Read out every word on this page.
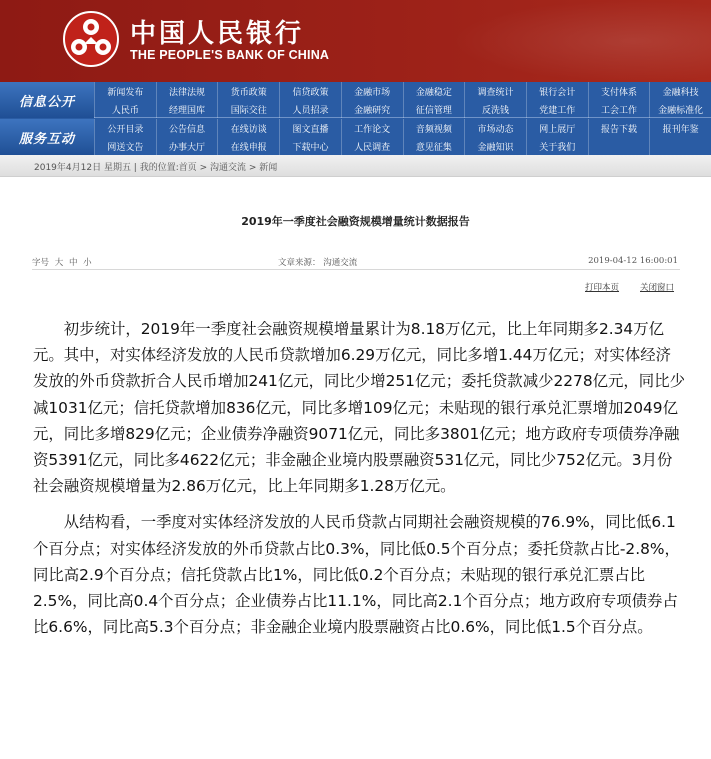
中国人民银行
THE PEOPLE'S BANK OF CHINA
信息公开
新闻发布	法律法规	货币政策	信贷政策	金融市场	金融稳定	调查统计	银行会计	支付体系	金融科技
人民币	经理国库	国际交往	人员招录	金融研究	征信管理	反洗钱	党建工作	工会工作	金融标准化
服务互动
公开目录	公告信息	在线访谈	图文直播	工作论文	音频视频	市场动态	网上展厅	报告下载	报刊年鉴
网送文告	办事大厅	在线申报	下载中心	人民调查	意见征集	金融知识	关于我们
2019年4月12日 星期五 | 我的位置:首页 > 沟通交流 > 新闻
2019年一季度社会融资规模增量统计数据报告
字号 大 中 小	文章来源： 沟通交流	2019-04-12 16:00:01
打印本页 关闭窗口

初步统计，2019年一季度社会融资规模增量累计为8.18万亿元，比上年同期多2.34万亿元。其中，对实体经济发放的人民币贷款增加6.29万亿元，同比多增1.44万亿元；对实体经济发放的外币贷款折合人民币增加241亿元，同比少增251亿元；委托贷款减少2278亿元，同比少减1031亿元；信托贷款增加836亿元，同比多增109亿元；未贴现的银行承兑汇票增加2049亿元，同比多增829亿元；企业债券净融资9071亿元，同比多3801亿元；地方政府专项债券净融资5391亿元，同比多4622亿元；非金融企业境内股票融资531亿元，同比少752亿元。3月份社会融资规模增量为2.86万亿元，比上年同期多1.28万亿元。

从结构看，一季度对实体经济发放的人民币贷款占同期社会融资规模的76.9%，同比低6.1个百分点；对实体经济发放的外币贷款占比0.3%，同比低0.5个百分点；委托贷款占比-2.8%，同比高2.9个百分点；信托贷款占比1%，同比低0.2个百分点；未贴现的银行承兑汇票占比2.5%，同比高0.4个百分点；企业债券占比11.1%，同比高2.1个百分点；地方政府专项债券占比6.6%，同比高5.3个百分点；非金融企业境内股票融资占比0.6%，同比低1.5个百分点。
